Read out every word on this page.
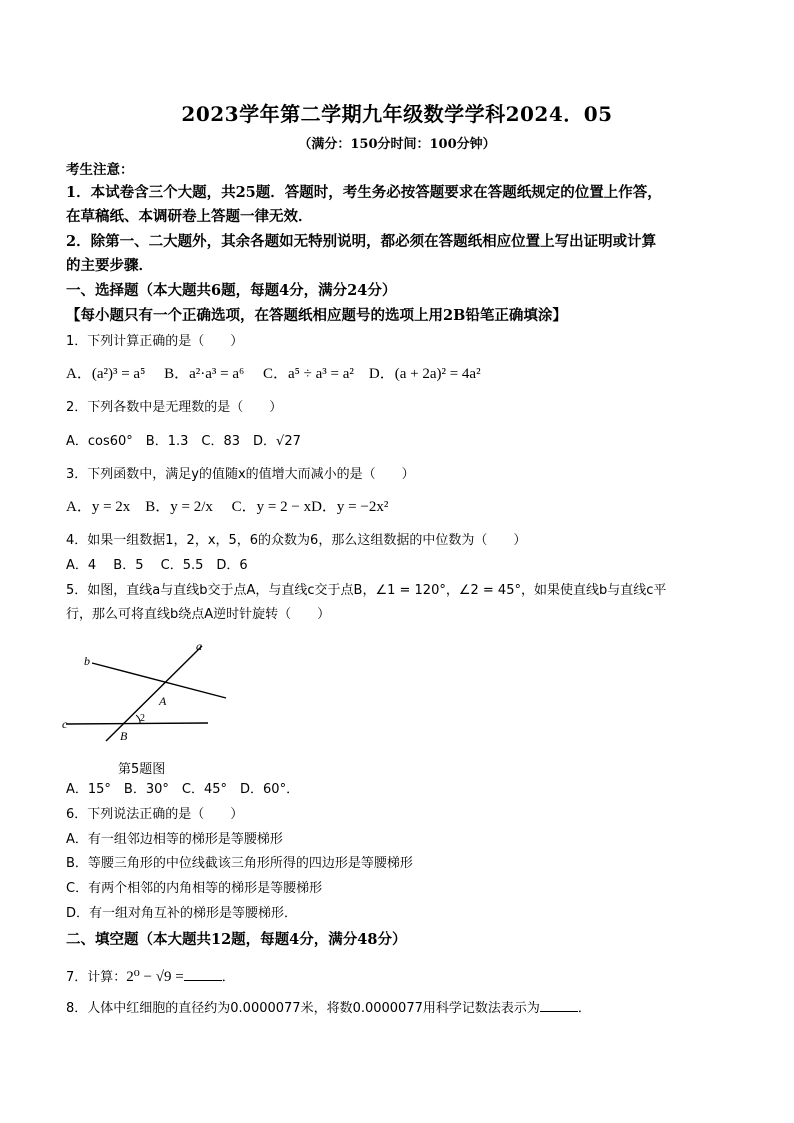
2023学年第二学期九年级数学学科2024．05
（满分：150分时间：100分钟）
考生注意：
1．本试卷含三个大题，共25题．答题时，考生务必按答题要求在答题纸规定的位置上作答，
在草稿纸、本调研卷上答题一律无效．
2．除第一、二大题外，其余各题如无特别说明，都必须在答题纸相应位置上写出证明或计算
的主要步骤．
一、选择题（本大题共6题，每题4分，满分24分）
【每小题只有一个正确选项，在答题纸相应题号的选项上用2B铅笔正确填涂】
1．下列计算正确的是（　　）
A．(a²)³ = a⁵　 B．a²·a³ = a⁶　 C．a⁵ ÷ a³ = a²　D．(a + 2a)² = 4a²
2．下列各数中是无理数的是（　　）
A．cos60°　B．1.3　C．83　D．√27
3．下列函数中，满足y的值随x的值增大而减小的是（　　）
A．y = 2x　B．y = 2/x　 C．y = 2 − xD．y = −2x²
4．如果一组数据1，2，x，5，6的众数为6，那么这组数据的中位数为（　　）
A．4　 B．5　 C．5.5　D．6
5．如图，直线a与直线b交于点A，与直线c交于点B，∠1 = 120°，∠2 = 45°，如果使直线b与直线c平
行，那么可将直线b绕点A逆时针旋转（　　）
a
b
c
A
B
2
第5题图
A．15°　B．30°　C．45°　D．60°．
6．下列说法正确的是（　　）
A．有一组邻边相等的梯形是等腰梯形
B．等腰三角形的中位线截该三角形所得的四边形是等腰梯形
C．有两个相邻的内角相等的梯形是等腰梯形
D．有一组对角互补的梯形是等腰梯形．
二、填空题（本大题共12题，每题4分，满分48分）
7．计算：2⁰ − √9 =	．
8．人体中红细胞的直径约为0.0000077米，将数0.0000077用科学记数法表示为	．
